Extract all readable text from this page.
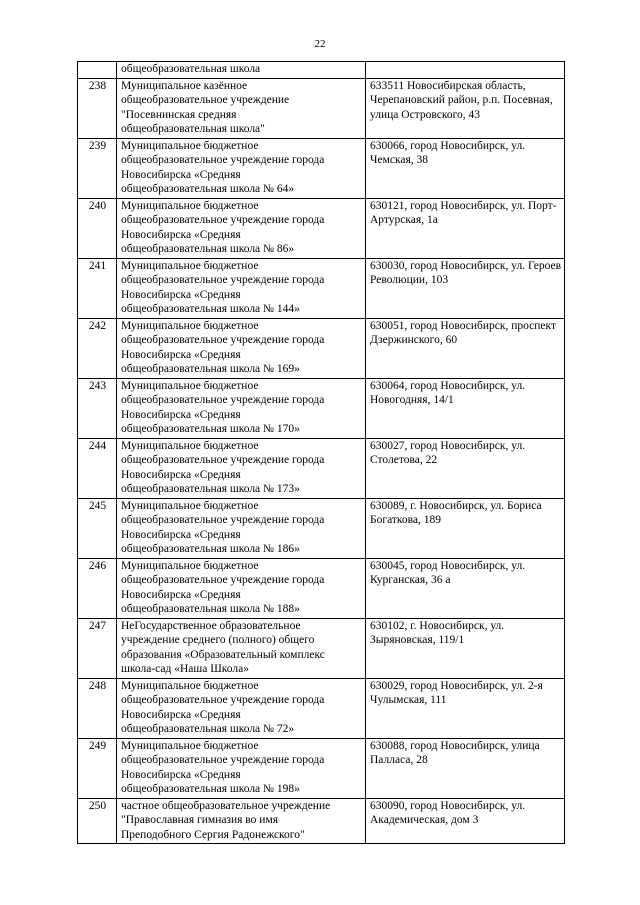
22
	общеобразовательная школа	
238	Муниципальное казённое
общеобразовательное учреждение
"Посевнинская средняя
общеобразовательная школа"	633511 Новосибирская область,
Черепановский район, р.п. Посевная,
улица Островского, 43
239	Муниципальное бюджетное
общеобразовательное учреждение города
Новосибирска «Средняя
общеобразовательная школа № 64»	630066, город Новосибирск, ул.
Чемская, 38
240	Муниципальное бюджетное
общеобразовательное учреждение города
Новосибирска «Средняя
общеобразовательная школа № 86»	630121, город Новосибирск, ул. Порт-
Артурская, 1а
241	Муниципальное бюджетное
общеобразовательное учреждение города
Новосибирска «Средняя
общеобразовательная школа № 144»	630030, город Новосибирск, ул. Героев
Революции, 103
242	Муниципальное бюджетное
общеобразовательное учреждение города
Новосибирска «Средняя
общеобразовательная школа № 169»	630051, город Новосибирск, проспект
Дзержинского, 60
243	Муниципальное бюджетное
общеобразовательное учреждение города
Новосибирска «Средняя
общеобразовательная школа № 170»	630064, город Новосибирск, ул.
Новогодняя, 14/1
244	Муниципальное бюджетное
общеобразовательное учреждение города
Новосибирска «Средняя
общеобразовательная школа № 173»	630027, город Новосибирск, ул.
Столетова, 22
245	Муниципальное бюджетное
общеобразовательное учреждение города
Новосибирска «Средняя
общеобразовательная школа № 186»	630089, г. Новосибирск, ул. Бориса
Богаткова, 189
246	Муниципальное бюджетное
общеобразовательное учреждение города
Новосибирска «Средняя
общеобразовательная школа № 188»	630045, город Новосибирск, ул.
Курганская, 36 а
247	НеГосударственное образовательное
учреждение среднего (полного) общего
образования «Образовательный комплекс
школа-сад «Наша Школа»	630102, г. Новосибирск, ул.
Зыряновская, 119/1
248	Муниципальное бюджетное
общеобразовательное учреждение города
Новосибирска «Средняя
общеобразовательная школа № 72»	630029, город Новосибирск, ул. 2-я
Чулымская, 111
249	Муниципальное бюджетное
общеобразовательное учреждение города
Новосибирска «Средняя
общеобразовательная школа № 198»	630088, город Новосибирск, улица
Палласа, 28
250	частное общеобразовательное учреждение
"Православная гимназия во имя
Преподобного Сергия Радонежского"	630090, город Новосибирск, ул.
Академическая, дом 3
